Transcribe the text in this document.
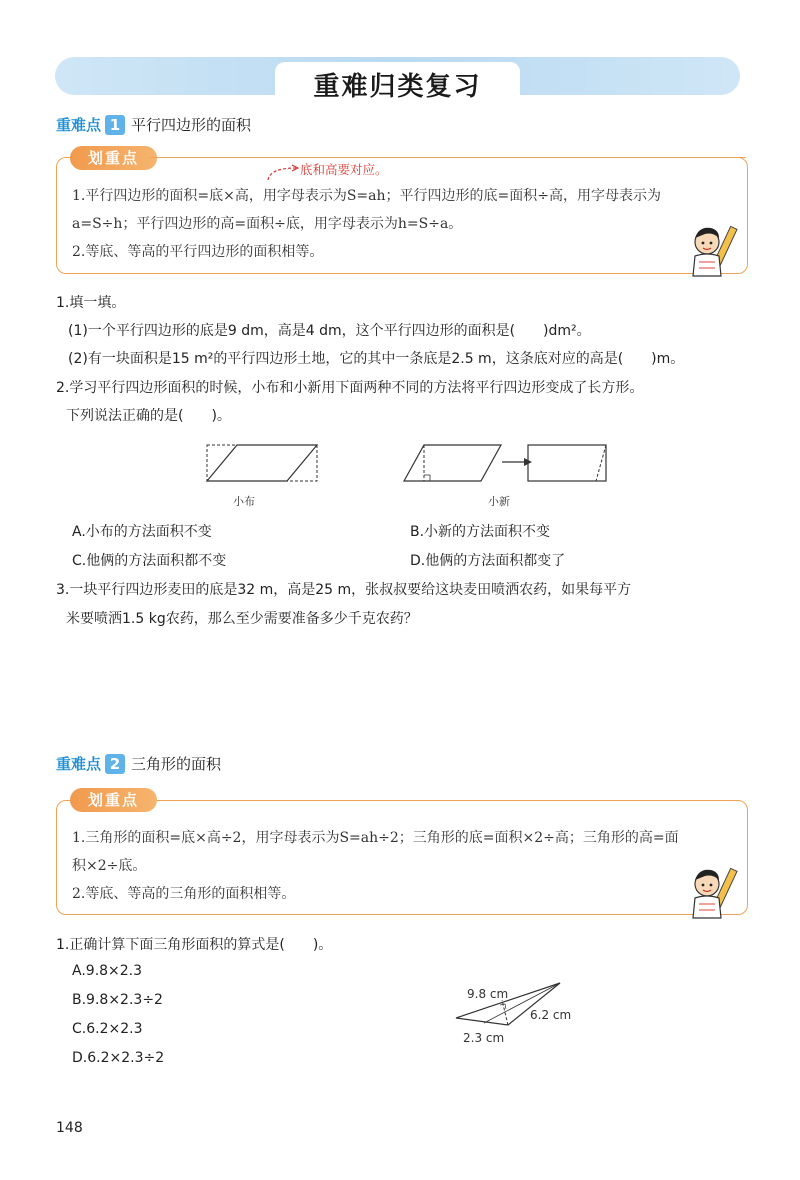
重难归类复习
重难点 1 平行四边形的面积
划重点
底和高要对应。
1.平行四边形的面积=底×高，用字母表示为S=ah；平行四边形的底=面积÷高，用字母表示为
a=S÷h；平行四边形的高=面积÷底，用字母表示为h=S÷a。
2.等底、等高的平行四边形的面积相等。
1.填一填。
(1)一个平行四边形的底是9 dm，高是4 dm，这个平行四边形的面积是(　　)dm²。
(2)有一块面积是15 m²的平行四边形土地，它的其中一条底是2.5 m，这条底对应的高是(　　)m。
2.学习平行四边形面积的时候，小布和小新用下面两种不同的方法将平行四边形变成了长方形。
下列说法正确的是(　　)。
小布	小新
A.小布的方法面积不变	B.小新的方法面积不变
C.他俩的方法面积都不变	D.他俩的方法面积都变了
3.一块平行四边形麦田的底是32 m，高是25 m，张叔叔要给这块麦田喷洒农药，如果每平方
米要喷洒1.5 kg农药，那么至少需要准备多少千克农药？
重难点 2 三角形的面积
划重点
1.三角形的面积=底×高÷2，用字母表示为S=ah÷2；三角形的底=面积×2÷高；三角形的高=面
积×2÷底。
2.等底、等高的三角形的面积相等。
1.正确计算下面三角形面积的算式是(　　)。
A.9.8×2.3
B.9.8×2.3÷2
C.6.2×2.3
D.6.2×2.3÷2
9.8 cm
6.2 cm
2.3 cm
148
